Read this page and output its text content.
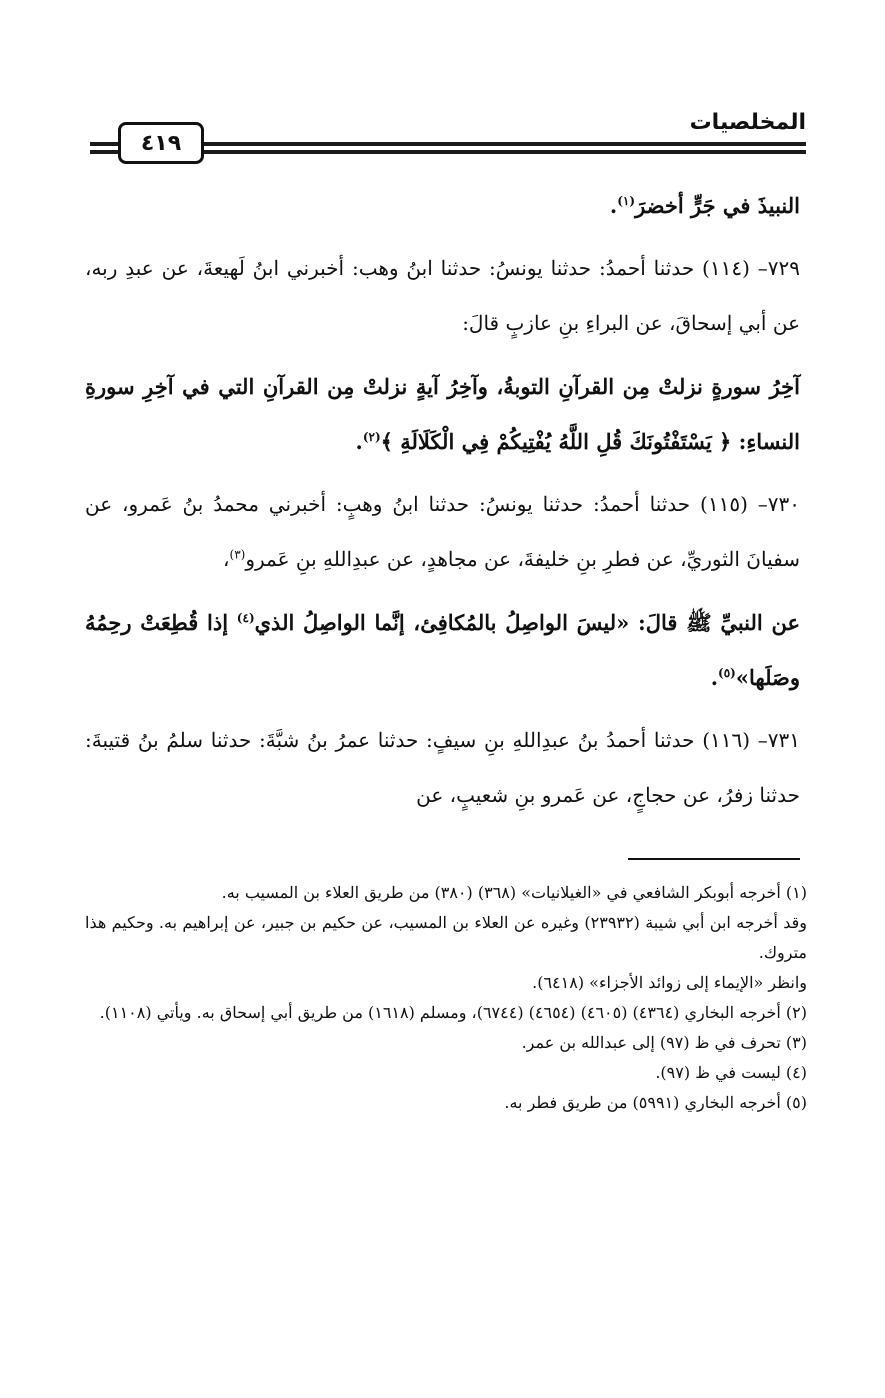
المخلصيات
٤١٩

النبيذَ في جَرٍّ أخضرَ$^{(١)}$.

٧٢٩– (١١٤) حدثنا أحمدُ: حدثنا يونسُ: حدثنا ابنُ وهب: أخبرني ابنُ لَهيعةَ، عن عبدِ ربه، عن أبي إسحاقَ، عن البراءِ بنِ عازبٍ قالَ:

آخِرُ سورةٍ نزلتْ مِن القرآنِ التوبةُ، وآخِرُ آيةٍ نزلتْ مِن القرآنِ التي في آخِرِ سورةِ النساءِ: ﴿ يَسْتَفْتُونَكَ قُلِ اللَّهُ يُفْتِيكُمْ فِي الْكَلَالَةِ ﴾$^{(٢)}$.

٧٣٠– (١١٥) حدثنا أحمدُ: حدثنا يونسُ: حدثنا ابنُ وهبٍ: أخبرني محمدُ بنُ عَمرو، عن سفيانَ الثوريِّ، عن فطرِ بنِ خليفةَ، عن مجاهدٍ، عن عبدِاللهِ بنِ عَمرو$^{(٣)}$،

عن النبيِّ ﷺ قالَ: «ليسَ الواصِلُ بالمُكافِئ، إنَّما الواصِلُ الذي$^{(٤)}$ إذا قُطِعَتْ رحِمُهُ وصَلَها»$^{(٥)}$.

٧٣١– (١١٦) حدثنا أحمدُ بنُ عبدِاللهِ بنِ سيفٍ: حدثنا عمرُ بنُ شبَّةَ: حدثنا سلمُ بنُ قتيبةَ: حدثنا زفرُ، عن حجاجٍ، عن عَمرو بنِ شعيبٍ، عن

(١) أخرجه أبوبكر الشافعي في «الغيلانيات» (٣٦٨) (٣٨٠) من طريق العلاء بن المسيب به.

وقد أخرجه ابن أبي شيبة (٢٣٩٣٢) وغيره عن العلاء بن المسيب، عن حكيم بن جبير، عن إبراهيم به. وحكيم هذا متروك.

وانظر «الإيماء إلى زوائد الأجزاء» (٦٤١٨).

(٢) أخرجه البخاري (٤٣٦٤) (٤٦٠٥) (٤٦٥٤) (٦٧٤٤)، ومسلم (١٦١٨) من طريق أبي إسحاق به. ويأتي (١١٠٨).

(٣) تحرف في ظ (٩٧) إلى عبدالله بن عمر.

(٤) ليست في ظ (٩٧).

(٥) أخرجه البخاري (٥٩٩١) من طريق فطر به.
